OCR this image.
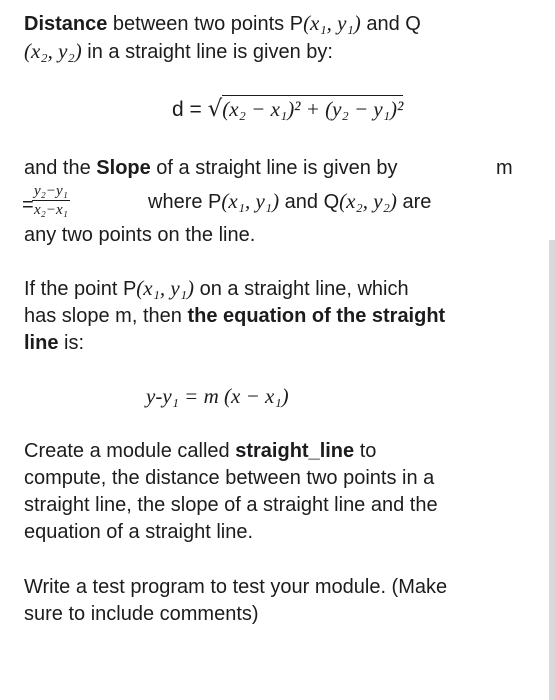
Distance between two points P(x₁, y₁) and Q
(x₂, y₂) in a straight line is given by:
d = √(x₂ − x₁)² + (y₂ − y₁)²
and the Slope of a straight line is given by	m
=
$\frac{\text{y₂−y₁}}{\text{x₂−x₁}}$	where P(x₁, y₁) and Q(x₂, y₂) are
any two points on the line.
If the point P(x₁, y₁) on a straight line, which
has slope m, then the equation of the straight
line is:
y-y₁ = m (x − x₁)
Create a module called straight_line to
compute, the distance between two points in a
straight line, the slope of a straight line and the
equation of a straight line.
Write a test program to test your module. (Make
sure to include comments)
